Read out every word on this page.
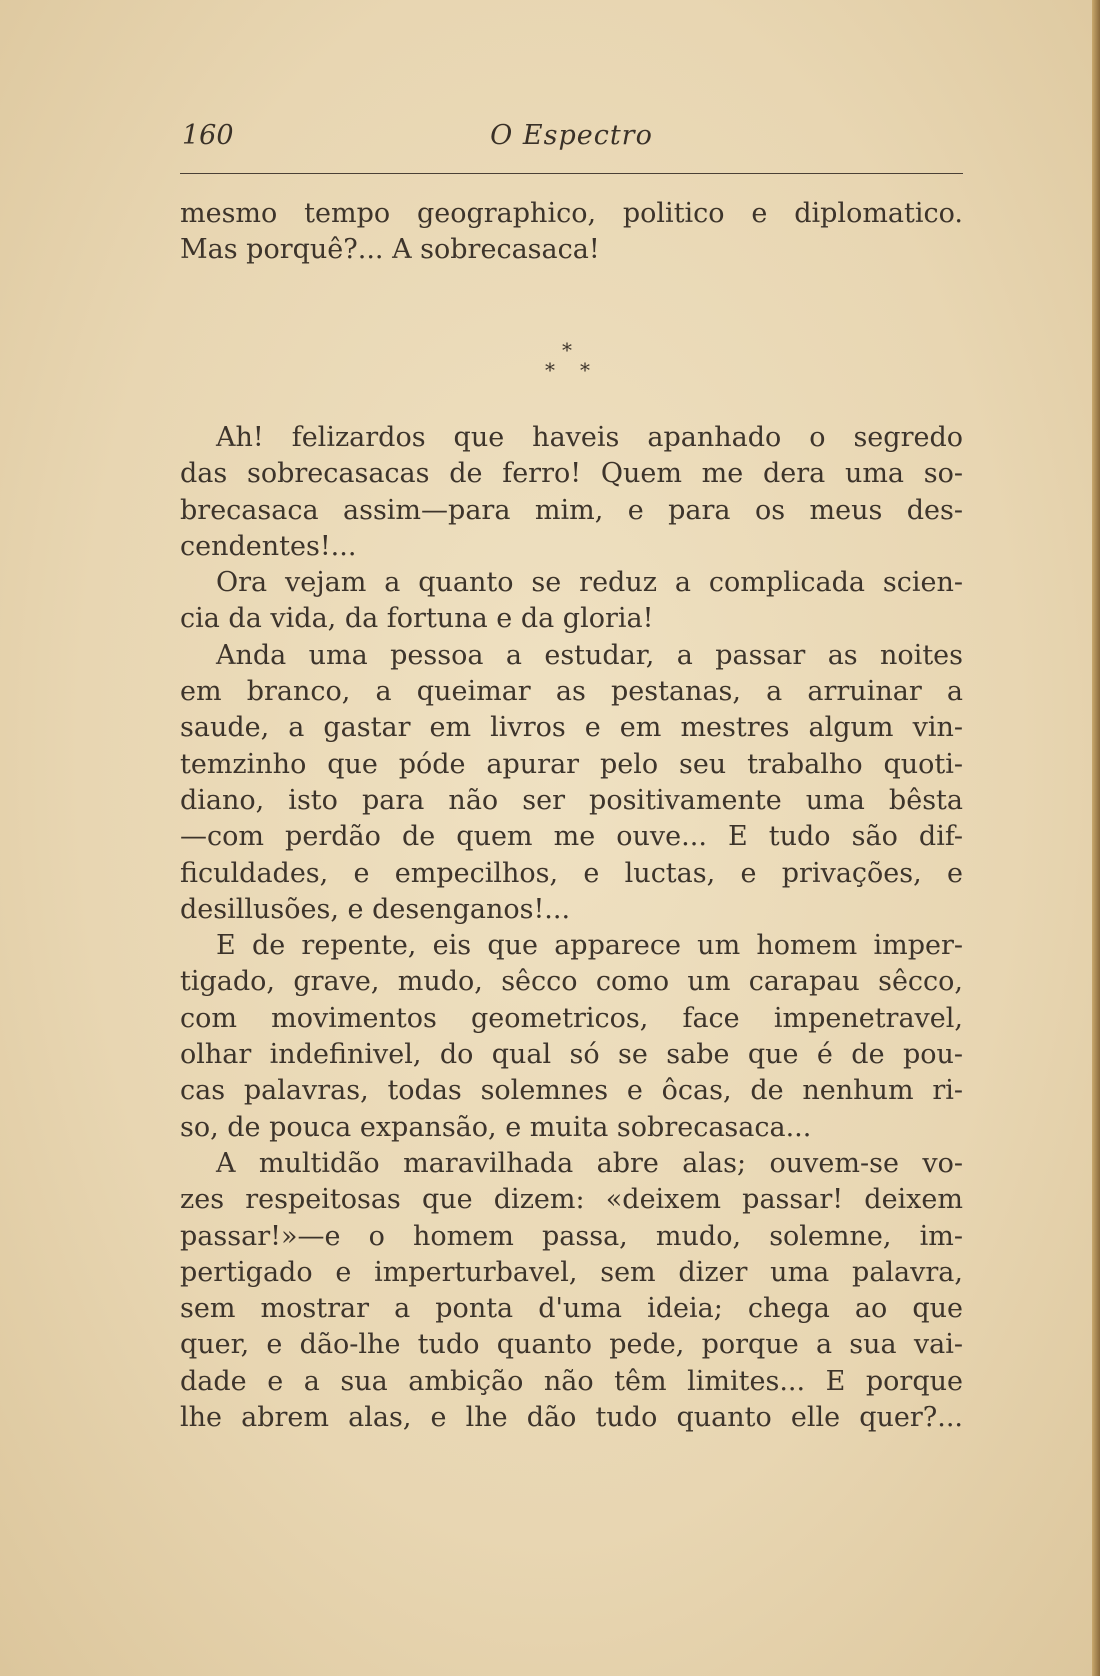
160	O Espectro
mesmo tempo geographico, politico e diplomatico.
Mas porquê?... A sobrecasaca!
*
* *
Ah! felizardos que haveis apanhado o segredo
das sobrecasacas de ferro! Quem me dera uma so-
brecasaca assim—para mim, e para os meus des-
cendentes!...
Ora vejam a quanto se reduz a complicada scien-
cia da vida, da fortuna e da gloria!
Anda uma pessoa a estudar, a passar as noites
em branco, a queimar as pestanas, a arruinar a
saude, a gastar em livros e em mestres algum vin-
temzinho que póde apurar pelo seu trabalho quoti-
diano, isto para não ser positivamente uma bêsta
—com perdão de quem me ouve... E tudo são dif-
ficuldades, e empecilhos, e luctas, e privações, e
desillusões, e desenganos!...
E de repente, eis que apparece um homem imper-
tigado, grave, mudo, sêcco como um carapau sêcco,
com movimentos geometricos, face impenetravel,
olhar indefinivel, do qual só se sabe que é de pou-
cas palavras, todas solemnes e ôcas, de nenhum ri-
so, de pouca expansão, e muita sobrecasaca...
A multidão maravilhada abre alas; ouvem-se vo-
zes respeitosas que dizem: «deixem passar! deixem
passar!»—e o homem passa, mudo, solemne, im-
pertigado e imperturbavel, sem dizer uma palavra,
sem mostrar a ponta d'uma ideia; chega ao que
quer, e dão-lhe tudo quanto pede, porque a sua vai-
dade e a sua ambição não têm limites... E porque
lhe abrem alas, e lhe dão tudo quanto elle quer?...
